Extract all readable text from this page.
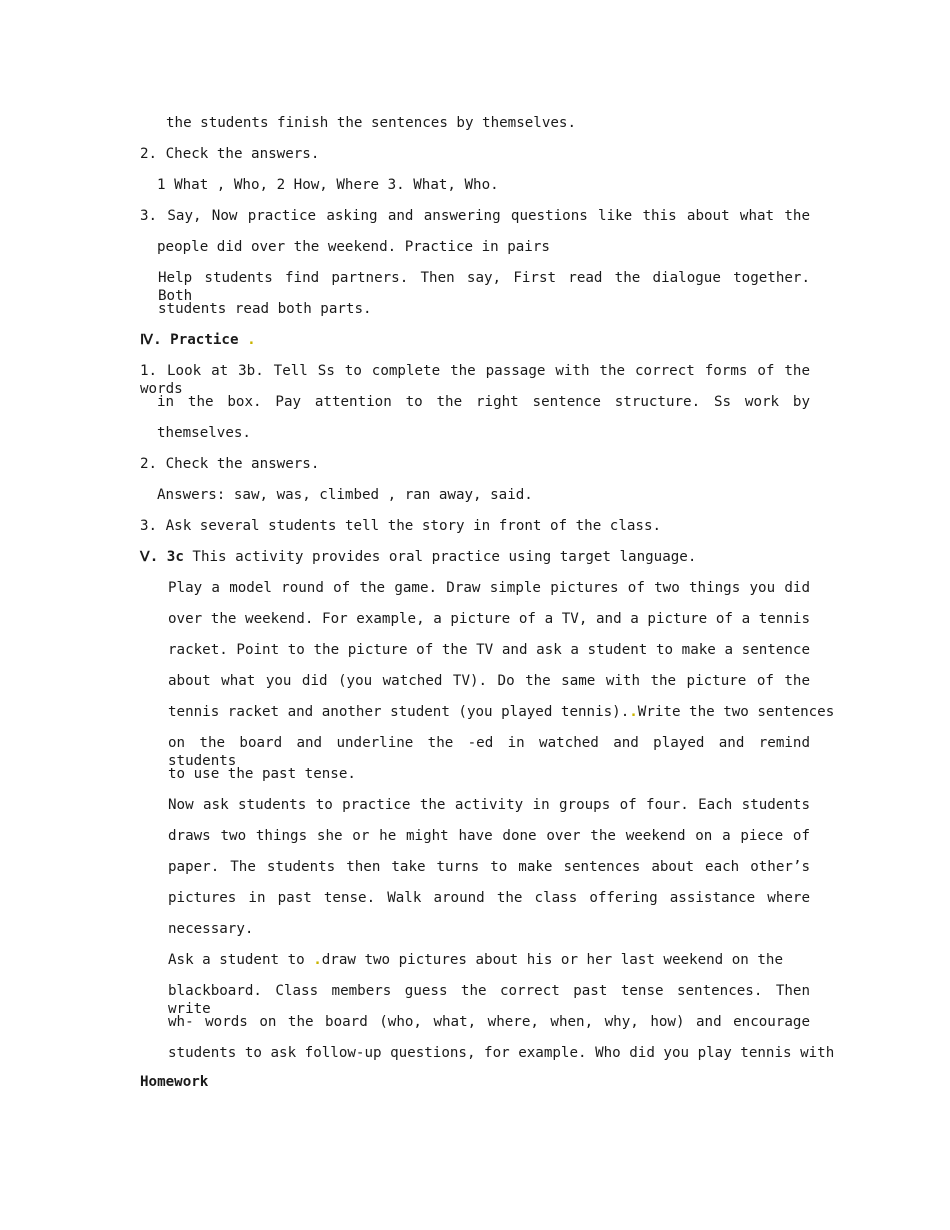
the students finish the sentences by themselves.
2. Check the answers.
1 What , Who, 2 How, Where 3. What, Who.
3. Say, Now practice asking and answering questions like this about what the
people did over the weekend. Practice in pairs
Help students find partners. Then say, First read the dialogue together. Both
students read both parts.
Ⅳ. Practice .
1. Look at 3b. Tell Ss to complete the passage with the correct forms of the words
in the box. Pay attention to the right sentence structure. Ss work by
themselves.
2. Check the answers.
Answers: saw, was, climbed , ran away, said.
3. Ask several students tell the story in front of the class.
Ⅴ. 3c This activity provides oral practice using target language.
Play a model round of the game. Draw simple pictures of two things you did
over the weekend. For example, a picture of a TV, and a picture of a tennis
racket. Point to the picture of the TV and ask a student to make a sentence
about what you did (you watched TV). Do the same with the picture of the
tennis racket and another student (you played tennis)..Write the two sentences
on the board and underline the -ed in watched and played and remind students
to use the past tense.
Now ask students to practice the activity in groups of four. Each students
draws two things she or he might have done over the weekend on a piece of
paper. The students then take turns to make sentences about each other’s
pictures in past tense. Walk around the class offering assistance where
necessary.
Ask a student to .draw two pictures about his or her last weekend on the
blackboard. Class members guess the correct past tense sentences. Then write
wh- words on the board (who, what, where, when, why, how) and encourage
students to ask follow-up questions, for example. Who did you play tennis with
Homework
